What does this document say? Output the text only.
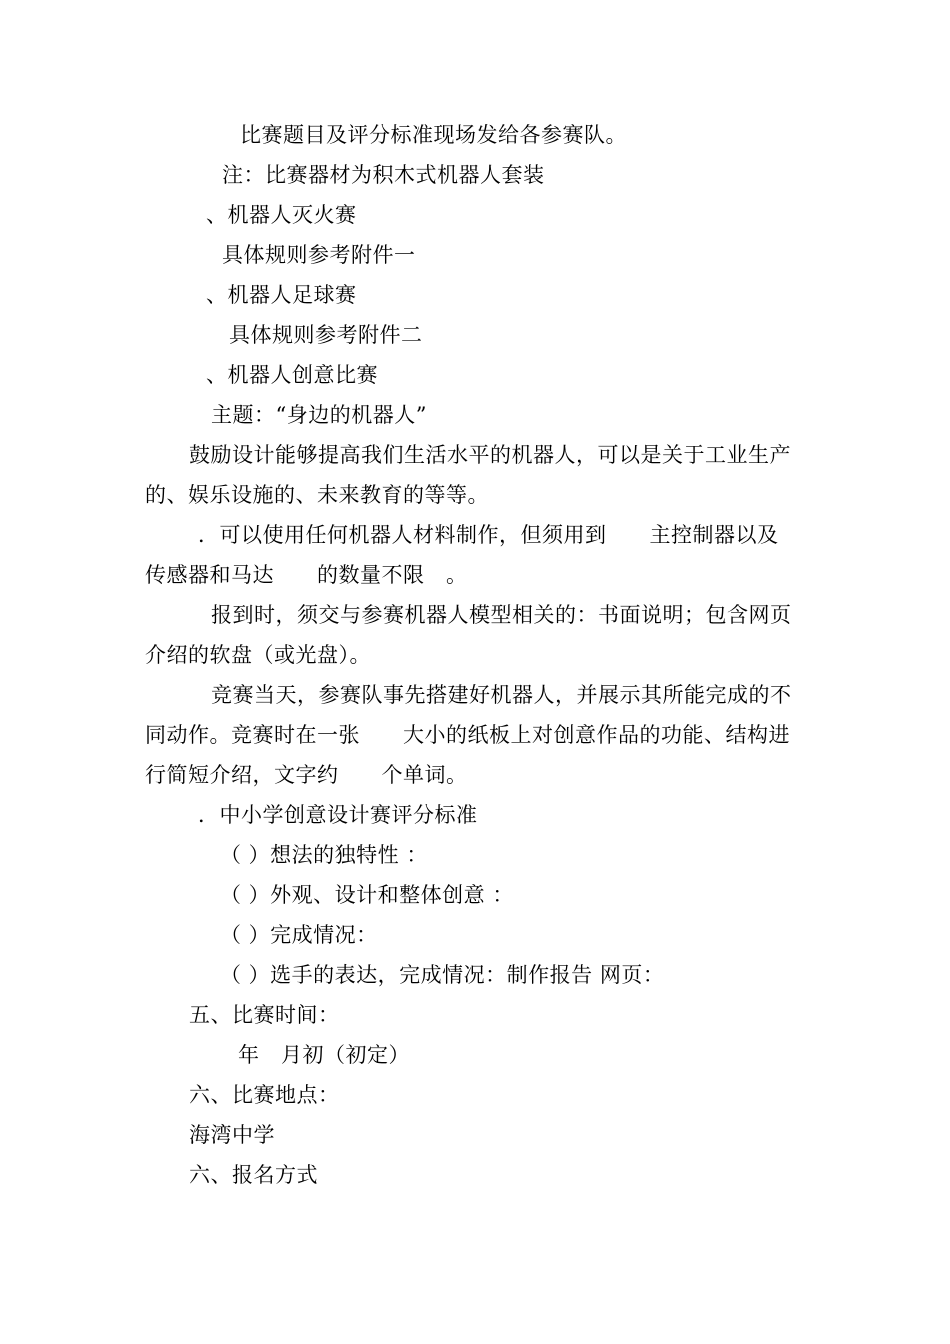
比赛题目及评分标准现场发给各参赛队。
注：比赛器材为积木式机器人套装
、机器人灭火赛
具体规则参考附件一
、机器人足球赛
具体规则参考附件二
、机器人创意比赛
主题：“身边的机器人”
鼓励设计能够提高我们生活水平的机器人，可以是关于工业生产
的、娱乐设施的、未来教育的等等。
．可以使用任何机器人材料制作，但须用到　　主控制器以及
传感器和马达　　的数量不限　。
报到时，须交与参赛机器人模型相关的：书面说明；包含网页
介绍的软盘（或光盘）。
竞赛当天，参赛队事先搭建好机器人，并展示其所能完成的不
同动作。竞赛时在一张　　大小的纸板上对创意作品的功能、结构进
行简短介绍，文字约　　个单词。
．中小学创意设计赛评分标准
（ ）想法的独特性 ：
（ ）外观、设计和整体创意 ：
（ ）完成情况：
（ ）选手的表达，完成情况：制作报告 网页：
五、比赛时间：
年　月初（初定）
六、比赛地点：
海湾中学
六、报名方式
